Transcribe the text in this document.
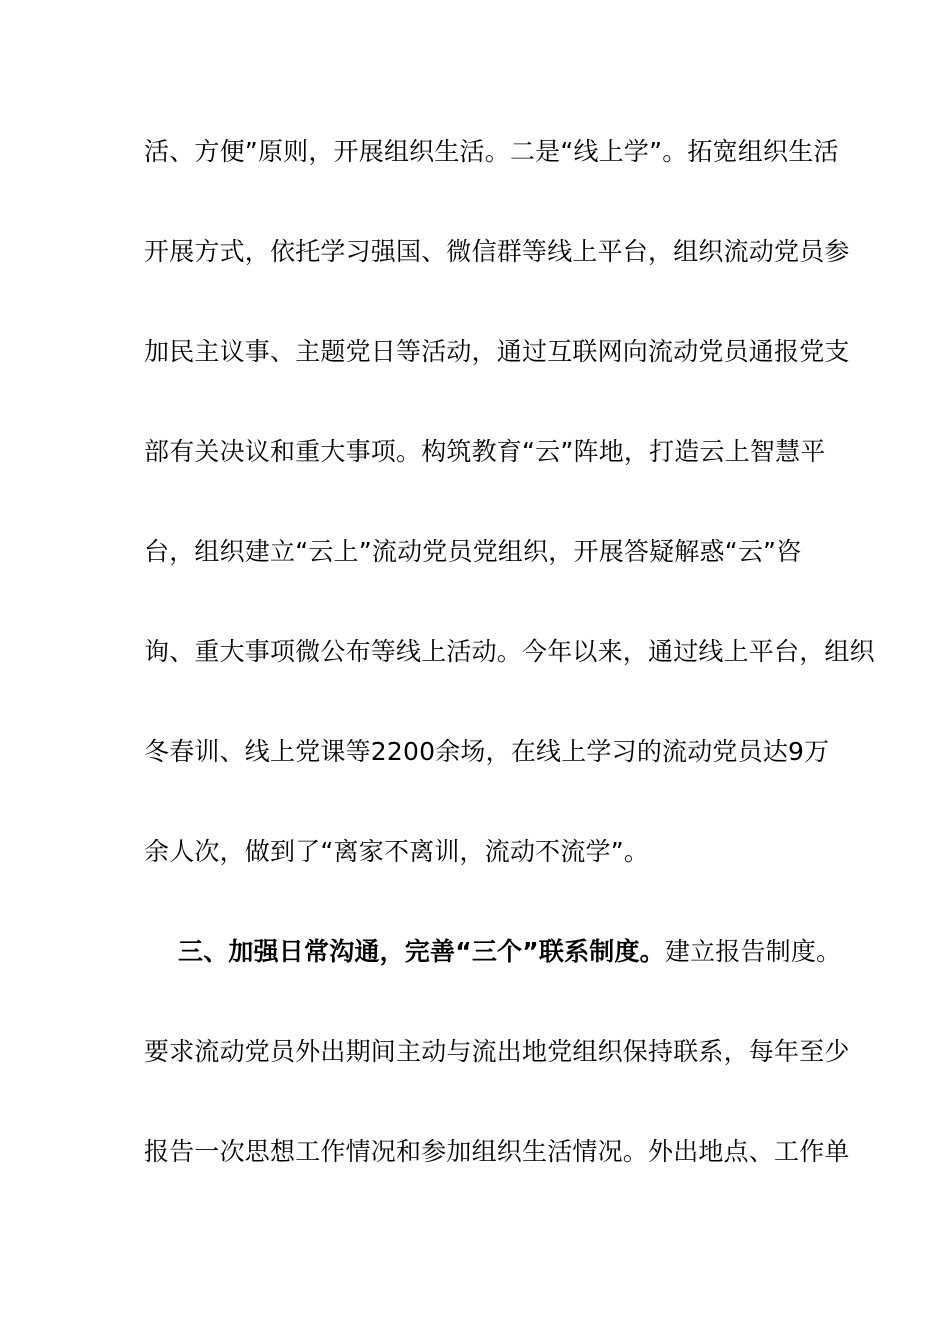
活、方便”原则，开展组织生活。二是“线上学”。拓宽组织生活
开展方式，依托学习强国、微信群等线上平台，组织流动党员参
加民主议事、主题党日等活动，通过互联网向流动党员通报党支
部有关决议和重大事项。构筑教育“云”阵地，打造云上智慧平
台，组织建立“云上”流动党员党组织，开展答疑解惑“云”咨
询、重大事项微公布等线上活动。今年以来，通过线上平台，组织
冬春训、线上党课等2200余场，在线上学习的流动党员达9万
余人次，做到了“离家不离训，流动不流学”。
三、加强日常沟通，完善“三个”联系制度。建立报告制度。
要求流动党员外出期间主动与流出地党组织保持联系，每年至少
报告一次思想工作情况和参加组织生活情况。外出地点、工作单
